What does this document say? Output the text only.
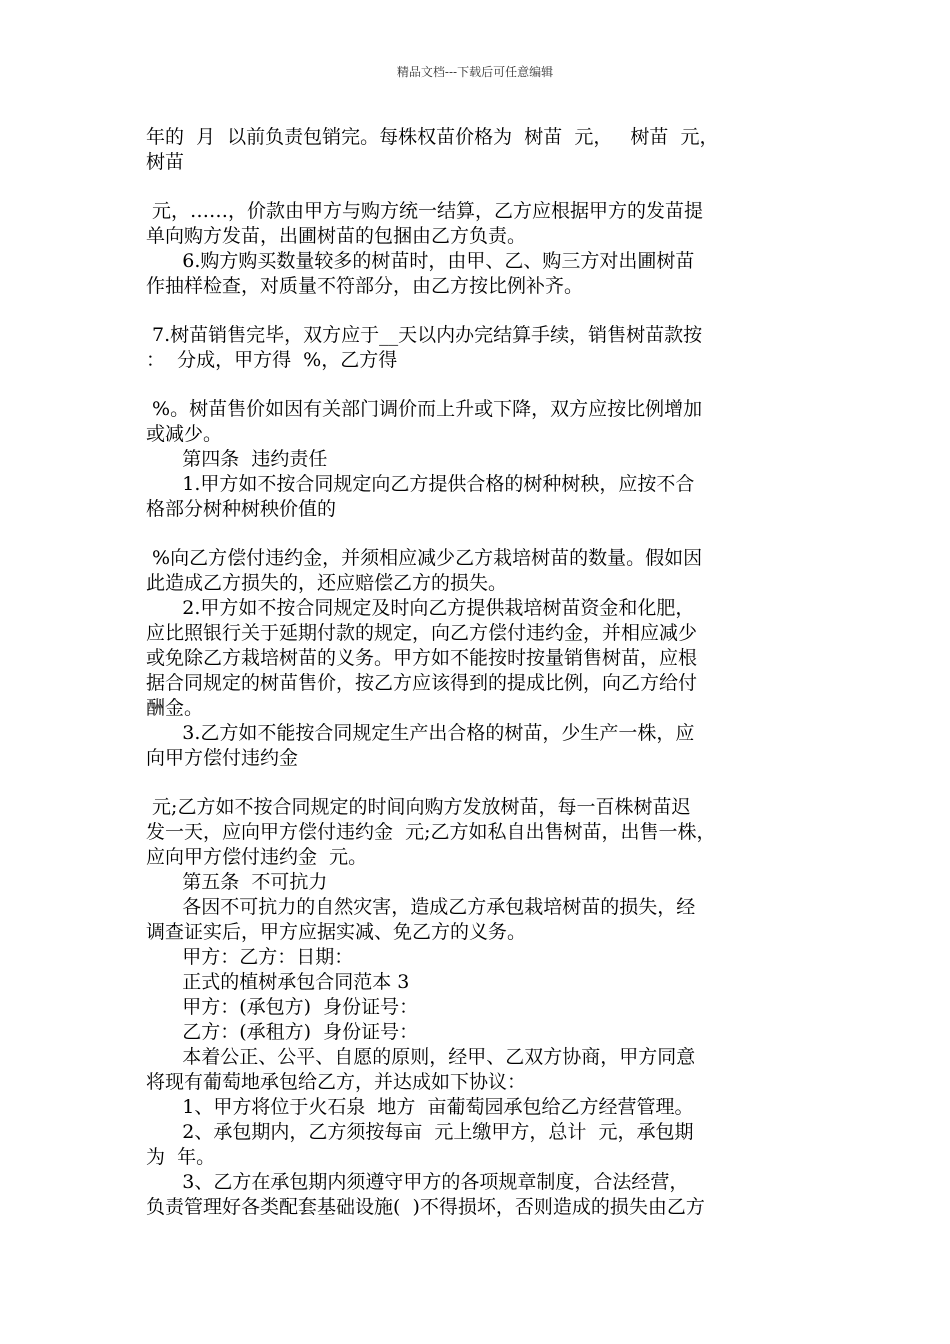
精品文档---下载后可任意编辑
年的  月  以前负责包销完。每株权苗价格为  树苗  元，   树苗  元，
树苗
元，……，价款由甲方与购方统一结算，乙方应根据甲方的发苗提
单向购方发苗，出圃树苗的包捆由乙方负责。
6.购方购买数量较多的树苗时，由甲、乙、购三方对出圃树苗
作抽样检查，对质量不符部分，由乙方按比例补齐。
7.树苗销售完毕，双方应于__天以内办完结算手续，销售树苗款按
：  分成，甲方得  %，乙方得
%。树苗售价如因有关部门调价而上升或下降，双方应按比例增加
或减少。
第四条  违约责任
1.甲方如不按合同规定向乙方提供合格的树种树秧，应按不合
格部分树种树秧价值的
%向乙方偿付违约金，并须相应减少乙方栽培树苗的数量。假如因
此造成乙方损失的，还应赔偿乙方的损失。
2.甲方如不按合同规定及时向乙方提供栽培树苗资金和化肥，
应比照银行关于延期付款的规定，向乙方偿付违约金，并相应减少
或免除乙方栽培树苗的义务。甲方如不能按时按量销售树苗，应根
据合同规定的树苗售价，按乙方应该得到的提成比例，向乙方给付
酬金。
3.乙方如不能按合同规定生产出合格的树苗，少生产一株，应
向甲方偿付违约金
元;乙方如不按合同规定的时间向购方发放树苗，每一百株树苗迟
发一天，应向甲方偿付违约金  元;乙方如私自出售树苗，出售一株，
应向甲方偿付违约金  元。
第五条  不可抗力
各因不可抗力的自然灾害，造成乙方承包栽培树苗的损失，经
调查证实后，甲方应据实减、免乙方的义务。
甲方：乙方：日期：
正式的植树承包合同范本 3
甲方：(承包方)  身份证号：
乙方：(承租方)  身份证号：
本着公正、公平、自愿的原则，经甲、乙双方协商，甲方同意
将现有葡萄地承包给乙方，并达成如下协议：
1、甲方将位于火石泉  地方  亩葡萄园承包给乙方经营管理。
2、承包期内，乙方须按每亩  元上缴甲方，总计  元，承包期
为  年。
3、乙方在承包期内须遵守甲方的各项规章制度，合法经营，
负责管理好各类配套基础设施(  )不得损坏，否则造成的损失由乙方
